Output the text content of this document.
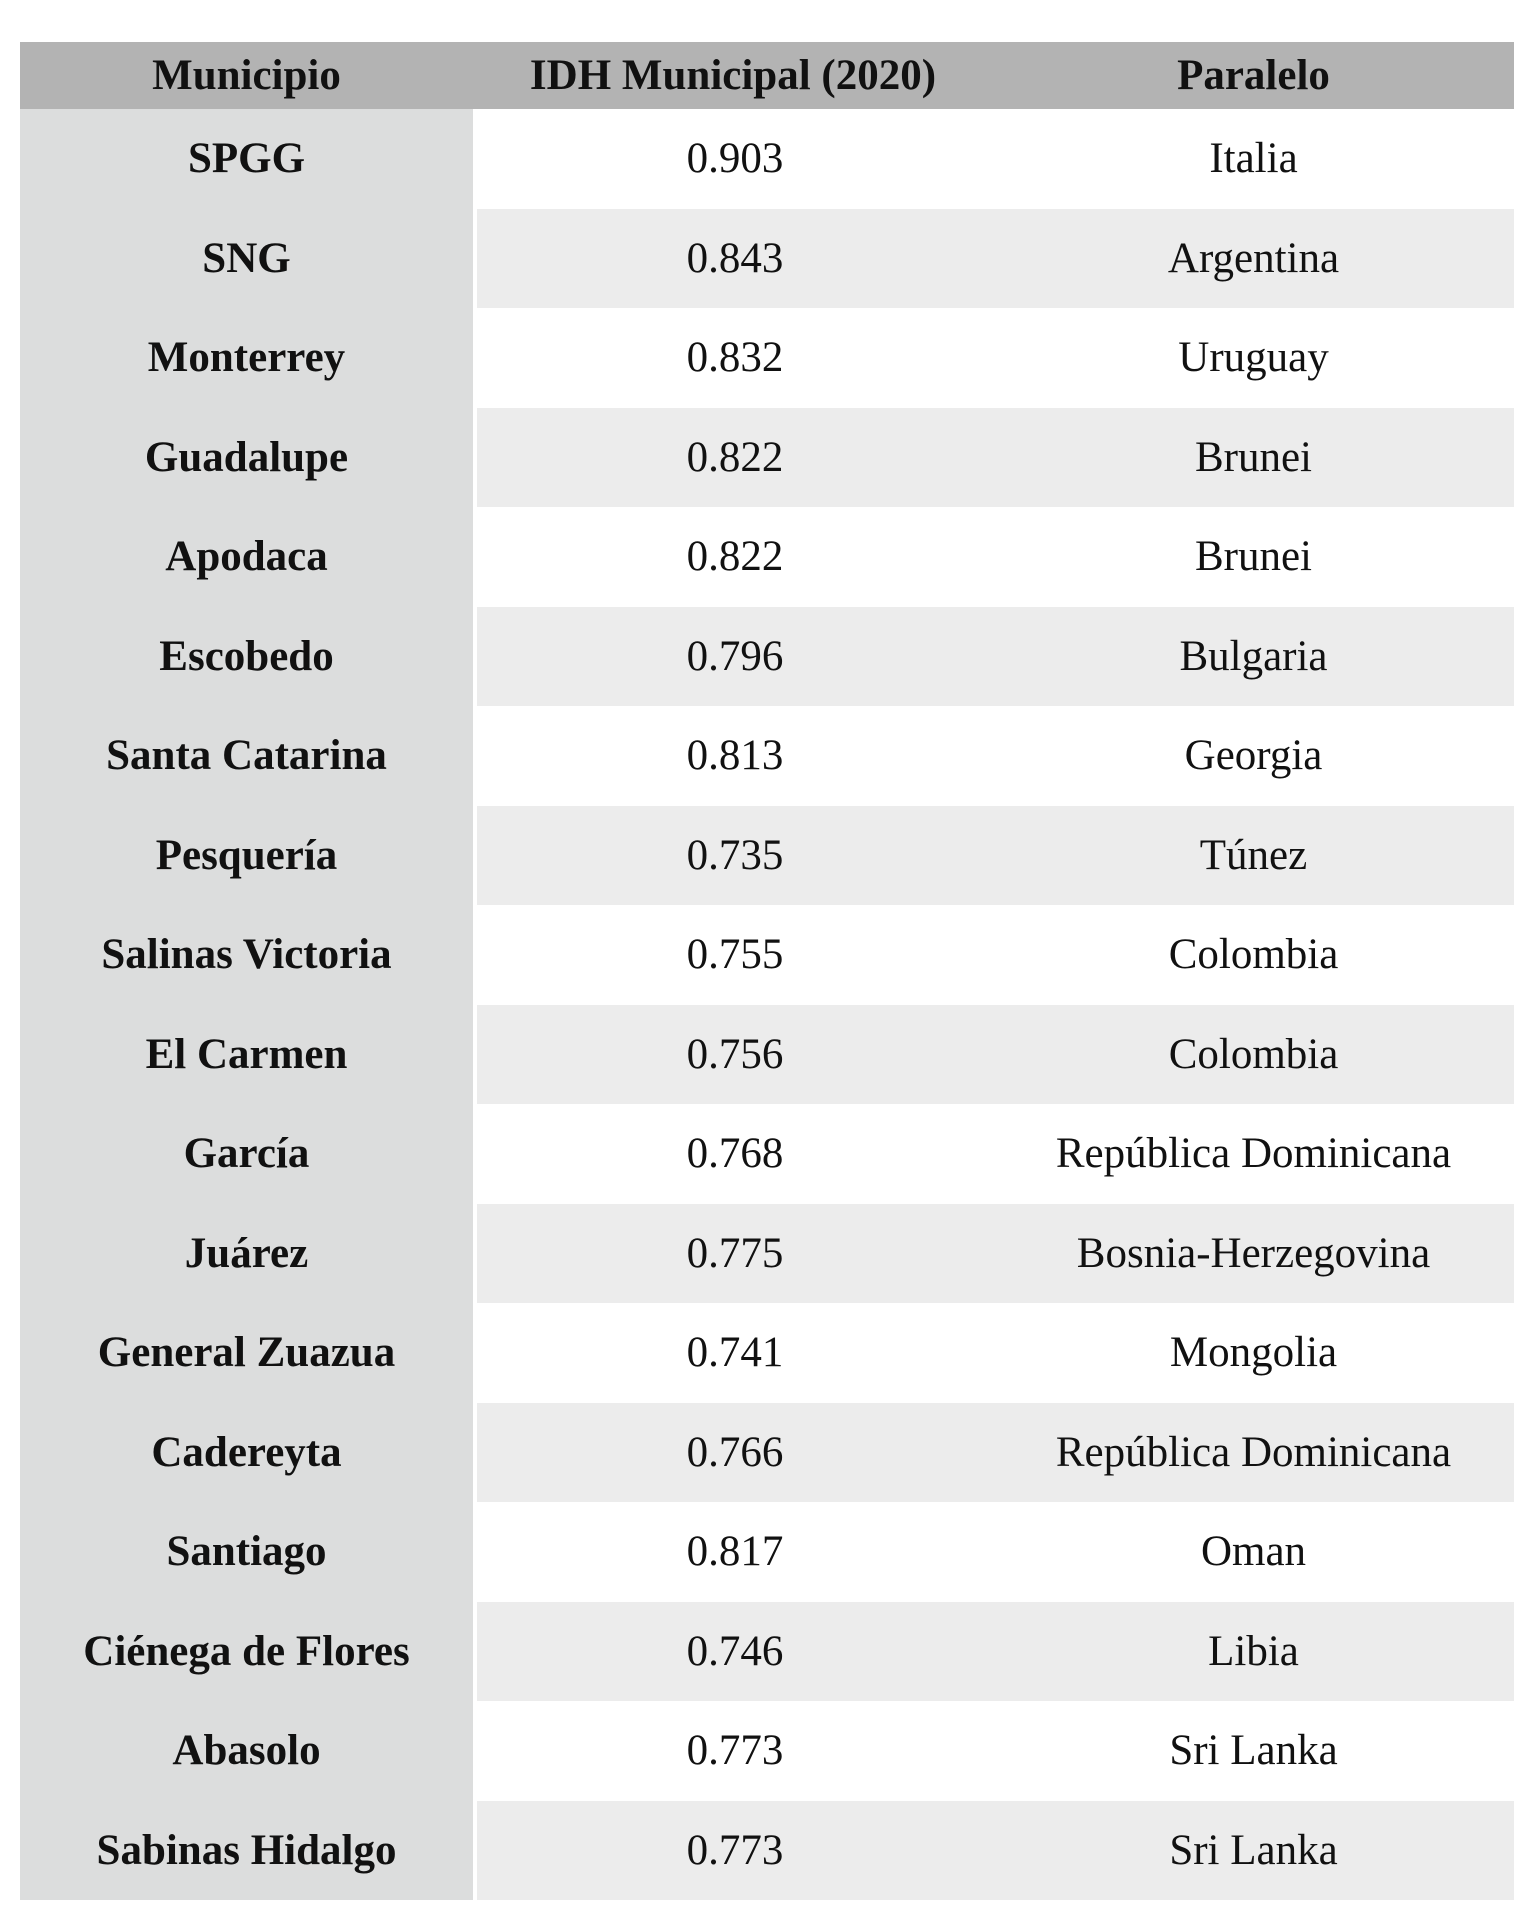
Municipio	IDH Municipal (2020)	Paralelo
SPGG	0.903	Italia
SNG	0.843	Argentina
Monterrey	0.832	Uruguay
Guadalupe	0.822	Brunei
Apodaca	0.822	Brunei
Escobedo	0.796	Bulgaria
Santa Catarina	0.813	Georgia
Pesquería	0.735	Túnez
Salinas Victoria	0.755	Colombia
El Carmen	0.756	Colombia
García	0.768	República Dominicana
Juárez	0.775	Bosnia-Herzegovina
General Zuazua	0.741	Mongolia
Cadereyta	0.766	República Dominicana
Santiago	0.817	Oman
Ciénega de Flores	0.746	Libia
Abasolo	0.773	Sri Lanka
Sabinas Hidalgo	0.773	Sri Lanka
